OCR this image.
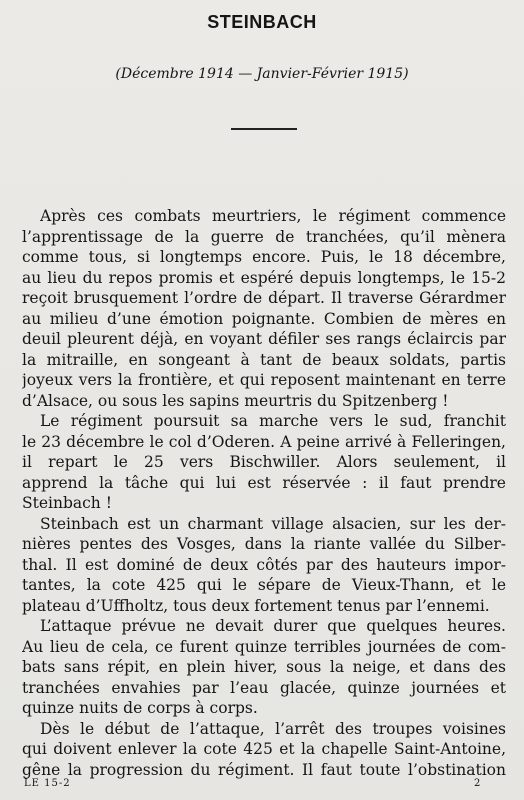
STEINBACH
(Décembre 1914 — Janvier-Février 1915)
Après ces combats meurtriers, le régiment commence
l’apprentissage de la guerre de tranchées, qu’il mènera
comme tous, si longtemps encore. Puis, le 18 décembre,
au lieu du repos promis et espéré depuis longtemps, le 15-2
reçoit brusquement l’ordre de départ. Il traverse Gérardmer
au milieu d’une émotion poignante. Combien de mères en
deuil pleurent déjà, en voyant défiler ses rangs éclaircis par
la mitraille, en songeant à tant de beaux soldats, partis
joyeux vers la frontière, et qui reposent maintenant en terre
d’Alsace, ou sous les sapins meurtris du Spitzenberg !
Le régiment poursuit sa marche vers le sud, franchit
le 23 décembre le col d’Oderen. A peine arrivé à Felleringen,
il repart le 25 vers Bischwiller. Alors seulement, il
apprend la tâche qui lui est réservée : il faut prendre
Steinbach !
Steinbach est un charmant village alsacien, sur les der-
nières pentes des Vosges, dans la riante vallée du Silber-
thal. Il est dominé de deux côtés par des hauteurs impor-
tantes, la cote 425 qui le sépare de Vieux-Thann, et le
plateau d’Uffholtz, tous deux fortement tenus par l’ennemi.
L’attaque prévue ne devait durer que quelques heures.
Au lieu de cela, ce furent quinze terribles journées de com-
bats sans répit, en plein hiver, sous la neige, et dans des
tranchées envahies par l’eau glacée, quinze journées et
quinze nuits de corps à corps.
Dès le début de l’attaque, l’arrêt des troupes voisines
qui doivent enlever la cote 425 et la chapelle Saint-Antoine,
gêne la progression du régiment. Il faut toute l’obstination
LE 15-2	2
